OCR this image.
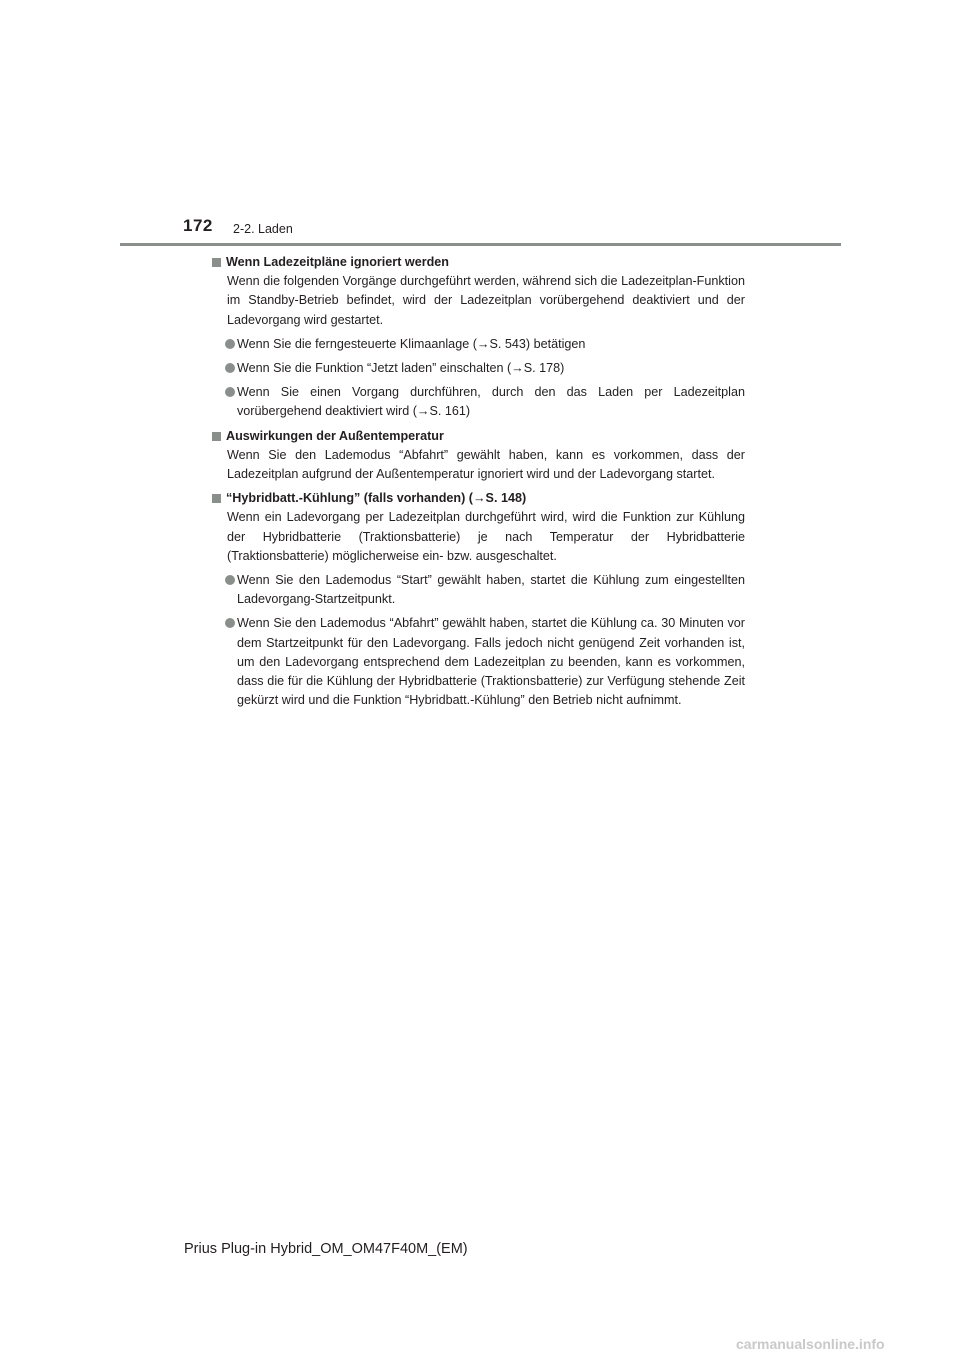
172 2-2. Laden
Wenn Ladezeitpläne ignoriert werden
Wenn die folgenden Vorgänge durchgeführt werden, während sich die Ladezeitplan-Funktion im Standby-Betrieb befindet, wird der Ladezeitplan vorübergehend deaktiviert und der Ladevorgang wird gestartet.
Wenn Sie die ferngesteuerte Klimaanlage (→S. 543) betätigen
Wenn Sie die Funktion “Jetzt laden” einschalten (→S. 178)
Wenn Sie einen Vorgang durchführen, durch den das Laden per Ladezeitplan vorübergehend deaktiviert wird (→S. 161)
Auswirkungen der Außentemperatur
Wenn Sie den Lademodus “Abfahrt” gewählt haben, kann es vorkommen, dass der Ladezeitplan aufgrund der Außentemperatur ignoriert wird und der Ladevorgang startet.
“Hybridbatt.-Kühlung” (falls vorhanden) (→S. 148)
Wenn ein Ladevorgang per Ladezeitplan durchgeführt wird, wird die Funktion zur Kühlung der Hybridbatterie (Traktionsbatterie) je nach Temperatur der Hybridbatterie (Traktionsbatterie) möglicherweise ein- bzw. ausgeschaltet.
Wenn Sie den Lademodus “Start” gewählt haben, startet die Kühlung zum eingestellten Ladevorgang-Startzeitpunkt.
Wenn Sie den Lademodus “Abfahrt” gewählt haben, startet die Kühlung ca. 30 Minuten vor dem Startzeitpunkt für den Ladevorgang. Falls jedoch nicht genügend Zeit vorhanden ist, um den Ladevorgang entsprechend dem Ladezeitplan zu beenden, kann es vorkommen, dass die für die Kühlung der Hybridbatterie (Traktionsbatterie) zur Verfügung stehende Zeit gekürzt wird und die Funktion “Hybridbatt.-Kühlung” den Betrieb nicht aufnimmt.
Prius Plug-in Hybrid_OM_OM47F40M_(EM)
carmanualsonline.info
